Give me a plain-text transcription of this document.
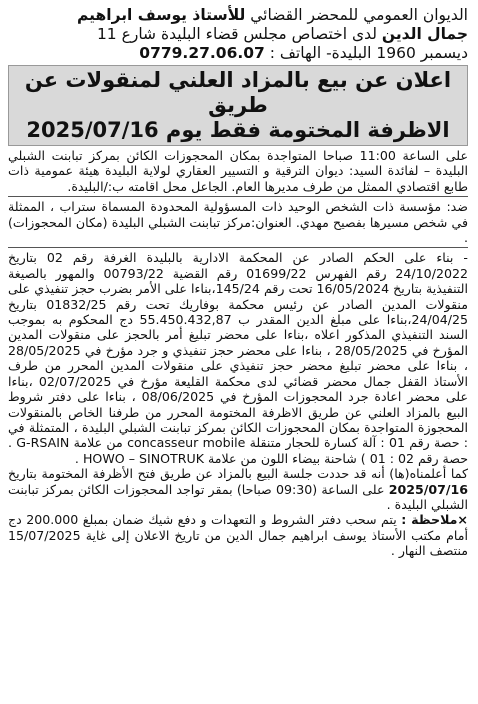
الديوان العمومي للمحضر القضائي للأستاذ يوسف ابراهيم

جمال الدين لدى اختصاص مجلس قضاء البليدة شارع 11

ديسمبر 1960 البليدة- الهاتف : 0779.27.06.07

اعلان عن بيع بالمزاد العلني لمنقولات عن طريق

الاظرفة المختومة فقط يوم 2025/07/16

على الساعة 11:00 صباحا المتواجدة بمكان المحجوزات الكائن بمركز تبابنت الشبلي البليدة – لفائدة السيد: ديوان الترقية و التسيير العقاري لولاية البليدة هيئة عمومية ذات طابع اقتصادي الممثل من طرف مديرها العام. الجاعل محل اقامته ب:/البليدة.

ضد: مؤسسة ذات الشخص الوحيد ذات المسؤولية المحدودة المسماة ستراب ، الممثلة في شخص مسيرها بفصيح مهدي. العنوان:مركز تبابنت الشبلي البليدة (مكان المحجوزات) .

- بناء على الحكم الصادر عن المحكمة الادارية بالبليدة الغرفة رقم 02 بتاريخ 24/10/2022 رقم الفهرس 01699/22 رقم القضية 00793/22 والمهور بالصيغة التنفيذية بتاريخ 16/05/2024 تحت رقم 145/24،بناءا على الأمر بضرب حجز تنفيذي على منقولات المدين الصادر عن رئيس محكمة بوفاريك تحت رقم 01832/25 بتاريخ 24/04/25،بناءا على مبلغ الدين المقدر ب 55.450.432,87 دج المحكوم به بموجب السند التنفيذي المذكور اعلاه ،بناءا على محضر تبليغ أمر بالحجز على منقولات المدين المؤرخ في 28/05/2025 ، بناءا على محضر حجز تنفيذي و جرد مؤرخ في 28/05/2025 ، بناءا على محضر تبليغ محضر حجز تنفيذي على منقولات المدين المحرر من طرف الأستاذ القفل جمال محضر قضائي لدى محكمة القليعة مؤرخ في 02/07/2025 ،بناءا على محضر اعادة جرد المحجوزات المؤرخ في 08/06/2025 ، بناءا على دفتر شروط البيع بالمزاد العلني عن طريق الاظرفة المختومة المحرر من طرفنا الخاص بالمنقولات المحجوزة المتواجدة بمكان المحجوزات الكائن بمركز تبابنت الشبلي البليدة ، المتمثلة في : حصة رقم 01 : آلة كسارة للحجار متنقلة concasseur mobile من علامة G-RSAIN . حصة رقم 02 : 01 ) شاحنة بيضاء اللون من علامة HOWO – SINOTRUK .

كما أعلمناه(ها) أنه قد حددت جلسة البيع بالمزاد عن طريق فتح الأظرفة المختومة بتاريخ 2025/07/16 على الساعة (09:30 صباحا) بمقر تواجد المحجوزات الكائن بمركز تبابنت الشبلي البليدة .

×ملاحظة : يتم سحب دفتر الشروط و التعهدات و دفع شيك ضمان بمبلغ 200.000 دج أمام مكتب الأستاذ يوسف ابراهيم جمال الدين من تاريخ الاعلان إلى غاية 15/07/2025 منتصف النهار .
